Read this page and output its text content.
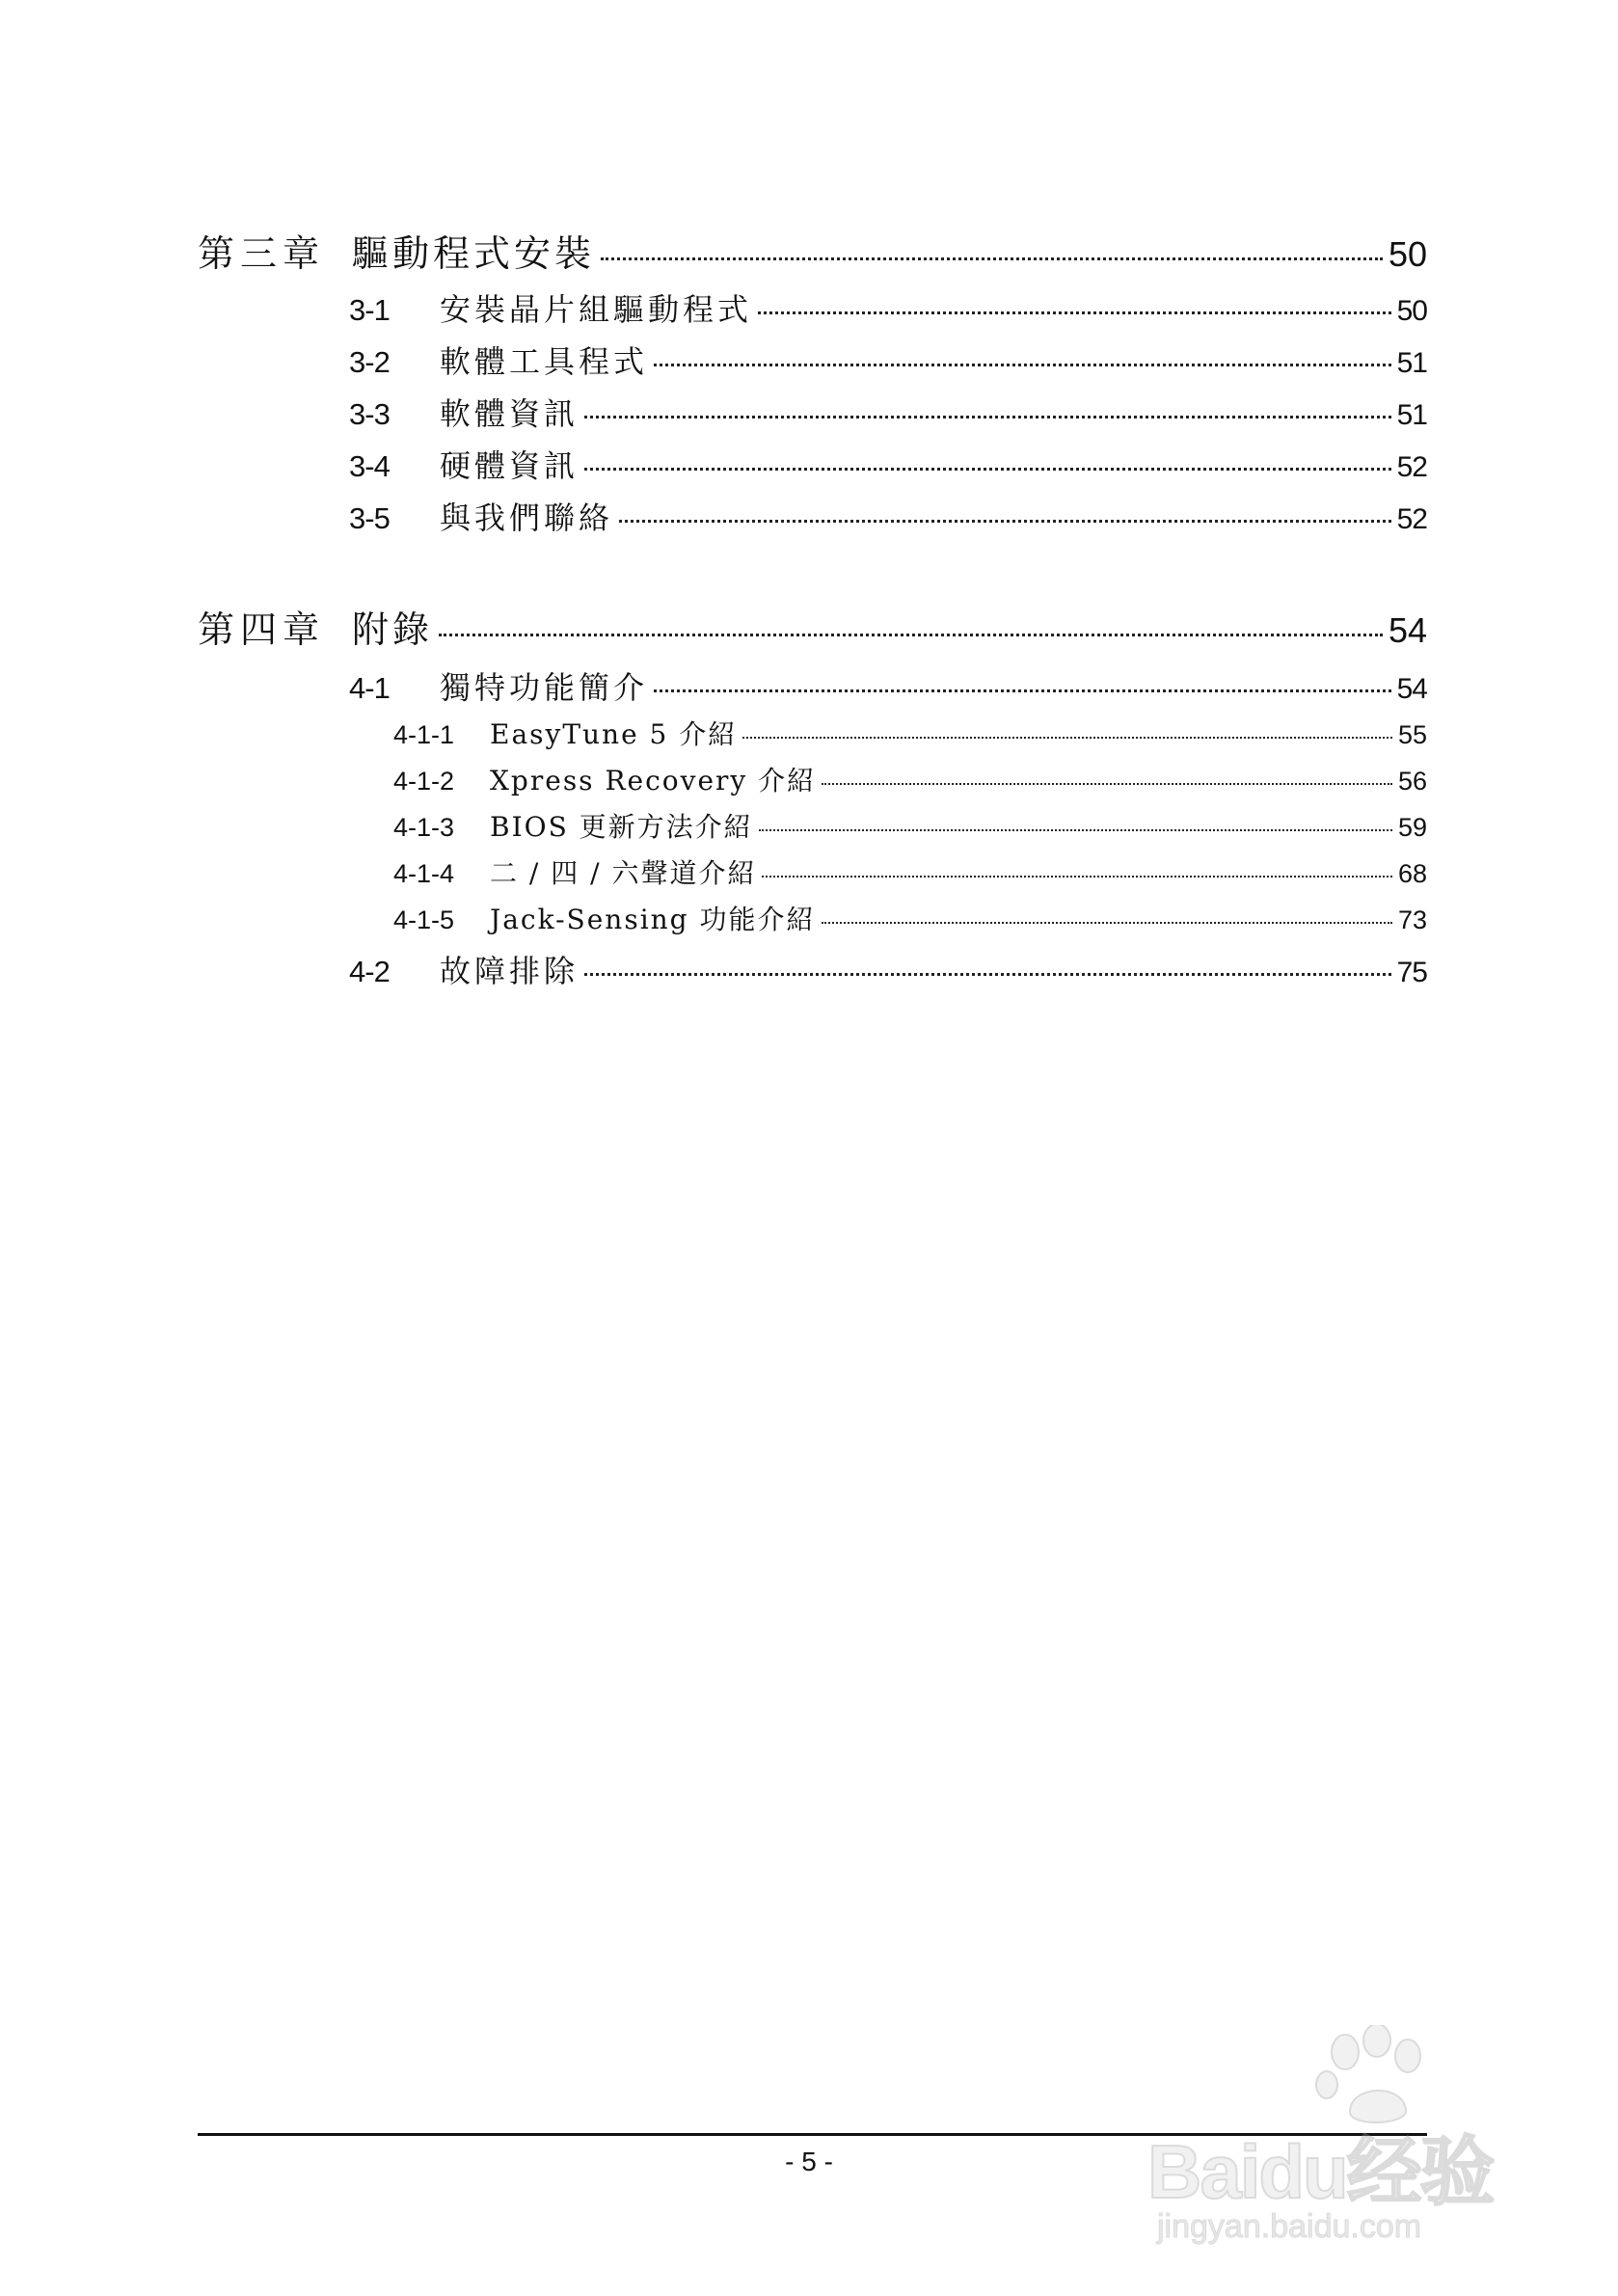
第三章 驅動程式安裝	50
3-1	安裝晶片組驅動程式	50
3-2	軟體工具程式	51
3-3	軟體資訊	51
3-4	硬體資訊	52
3-5	與我們聯絡	52
第四章 附錄	54
4-1	獨特功能簡介	54
4-1-1	EasyTune 5 介紹	55
4-1-2	Xpress Recovery 介紹	56
4-1-3	BIOS 更新方法介紹	59
4-1-4	二 / 四 / 六聲道介紹	68
4-1-5	Jack-Sensing 功能介紹	73
4-2	故障排除	75
- 5 -	Baidu经验
jingyan.baidu.com
